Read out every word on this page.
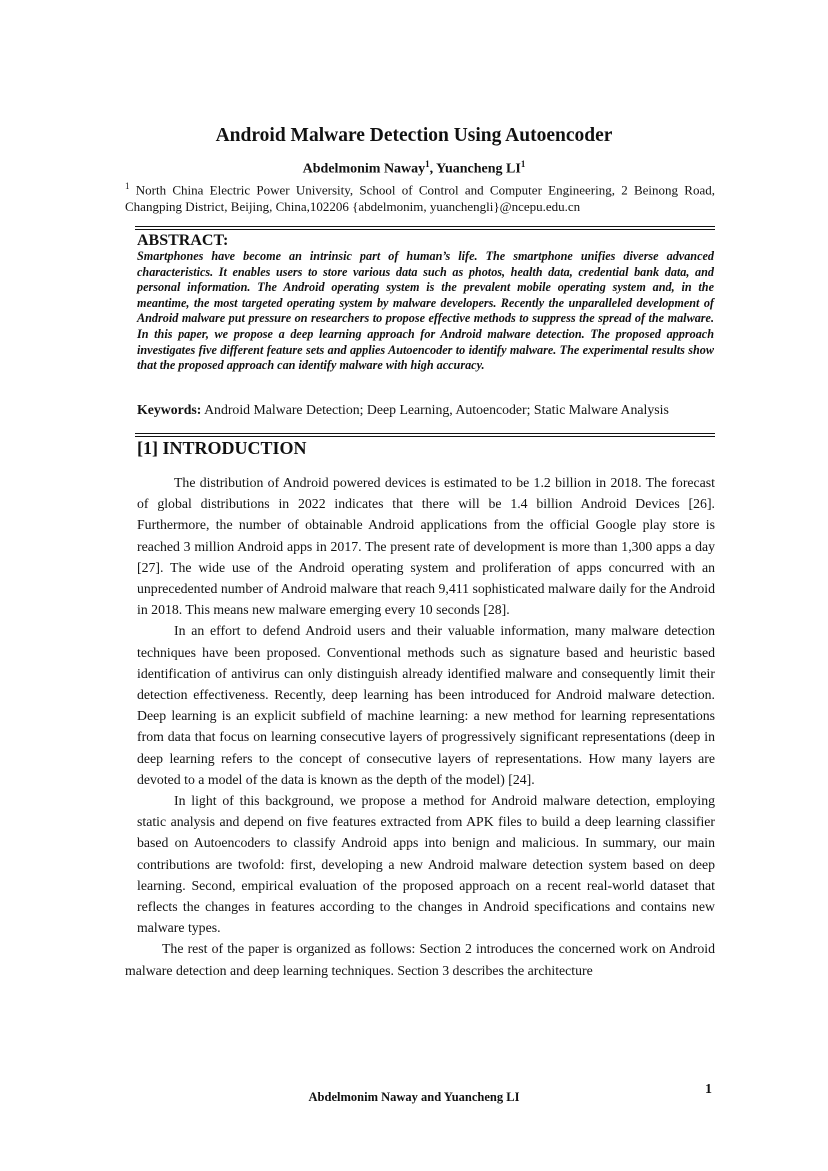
Android Malware Detection Using Autoencoder
Abdelmonim Naway$^1$, Yuancheng $LI^1$
$^1$ North China Electric Power University, School of Control and Computer Engineering, 2 Beinong Road, Changping District, Beijing, China,102206 {abdelmonim, yuanchengli}@ncepu.edu.cn
ABSTRACT:
Smartphones have become an intrinsic part of human’s life. The smartphone unifies diverse advanced characteristics. It enables users to store various data such as photos, health data, credential bank data, and personal information. The Android operating system is the prevalent mobile operating system and, in the meantime, the most targeted operating system by malware developers. Recently the unparalleled development of Android malware put pressure on researchers to propose effective methods to suppress the spread of the malware. In this paper, we propose a deep learning approach for Android malware detection. The proposed approach investigates five different feature sets and applies Autoencoder to identify malware. The experimental results show that the proposed approach can identify malware with high accuracy.
Keywords: Android Malware Detection; Deep Learning, Autoencoder; Static Malware Analysis
[1] INTRODUCTION

The distribution of Android powered devices is estimated to be 1.2 billion in 2018. The forecast of global distributions in 2022 indicates that there will be 1.4 billion Android Devices [26]. Furthermore, the number of obtainable Android applications from the official Google play store is reached 3 million Android apps in 2017. The present rate of development is more than 1,300 apps a day [27]. The wide use of the Android operating system and proliferation of apps concurred with an unprecedented number of Android malware that reach 9,411 sophisticated malware daily for the Android in 2018. This means new malware emerging every 10 seconds [28].

In an effort to defend Android users and their valuable information, many malware detection techniques have been proposed. Conventional methods such as signature based and heuristic based identification of antivirus can only distinguish already identified malware and consequently limit their detection effectiveness. Recently, deep learning has been introduced for Android malware detection. Deep learning is an explicit subfield of machine learning: a new method for learning representations from data that focus on learning consecutive layers of progressively significant representations (deep in deep learning refers to the concept of consecutive layers of representations. How many layers are devoted to a model of the data is known as the depth of the model) [24].

In light of this background, we propose a method for Android malware detection, employing static analysis and depend on five features extracted from APK files to build a deep learning classifier based on Autoencoders to classify Android apps into benign and malicious. In summary, our main contributions are twofold: first, developing a new Android malware detection system based on deep learning. Second, empirical evaluation of the proposed approach on a recent real-world dataset that reflects the changes in features according to the changes in Android specifications and contains new malware types.

The rest of the paper is organized as follows: Section 2 introduces the concerned work on Android malware detection and deep learning techniques. Section 3 describes the architecture

Abdelmonim Naway and Yuancheng LI	1
